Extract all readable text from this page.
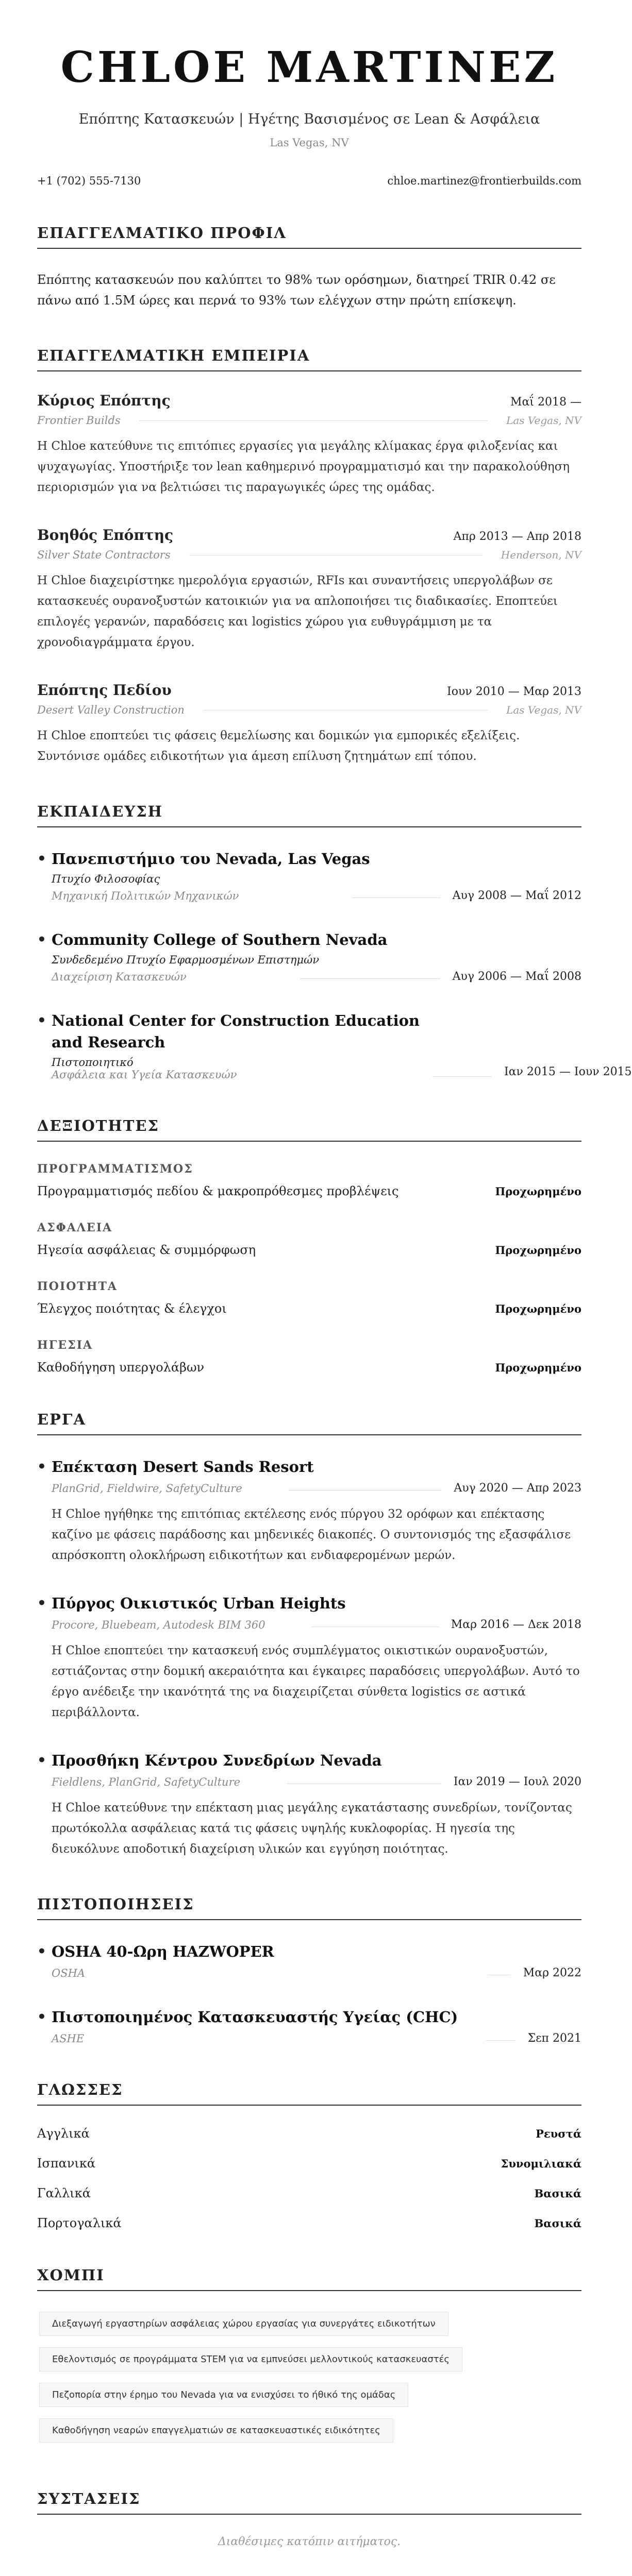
CHLOE MARTINEZ
Επόπτης Κατασκευών | Ηγέτης Βασισμένος σε Lean & Ασφάλεια
Las Vegas, NV
+1 (702) 555-7130	chloe.martinez@frontierbuilds.com
ΕΠΑΓΓΕΛΜΑΤΙΚΟ ΠΡΟΦΙΛ
Επόπτης κατασκευών που καλύπτει το 98% των ορόσημων, διατηρεί TRIR 0.42 σε πάνω από 1.5M ώρες και περνά το 93% των ελέγχων στην πρώτη επίσκεψη.
ΕΠΑΓΓΕΛΜΑΤΙΚΗ ΕΜΠΕΙΡΙΑ
Κύριος Επόπτης	Μαΐ 2018 —
Frontier Builds	Las Vegas, NV
Η Chloe κατεύθυνε τις επιτόπιες εργασίες για μεγάλης κλίμακας έργα φιλοξενίας και ψυχαγωγίας. Υποστήριξε τον lean καθημερινό προγραμματισμό και την παρακολούθηση περιορισμών για να βελτιώσει τις παραγωγικές ώρες της ομάδας.
Βοηθός Επόπτης	Απρ 2013 — Απρ 2018
Silver State Contractors	Henderson, NV
Η Chloe διαχειρίστηκε ημερολόγια εργασιών, RFIs και συναντήσεις υπεργολάβων σε κατασκευές ουρανοξυστών κατοικιών για να απλοποιήσει τις διαδικασίες. Εποπτεύει επιλογές γερανών, παραδόσεις και logistics χώρου για ευθυγράμμιση με τα χρονοδιαγράμματα έργου.
Επόπτης Πεδίου	Ιουν 2010 — Μαρ 2013
Desert Valley Construction	Las Vegas, NV
Η Chloe εποπτεύει τις φάσεις θεμελίωσης και δομικών για εμπορικές εξελίξεις. Συντόνισε ομάδες ειδικοτήτων για άμεση επίλυση ζητημάτων επί τόπου.
ΕΚΠΑΙΔΕΥΣΗ
• Πανεπιστήμιο του Nevada, Las Vegas
Πτυχίο Φιλοσοφίας
Μηχανική Πολιτικών Μηχανικών	Αυγ 2008 — Μαΐ 2012
• Community College of Southern Nevada
Συνδεδεμένο Πτυχίο Εφαρμοσμένων Επιστημών
Διαχείριση Κατασκευών	Αυγ 2006 — Μαΐ 2008
• National Center for Construction Education and Research
Πιστοποιητικό
Ασφάλεια και Υγεία Κατασκευών	Ιαν 2015 — Ιουν 2015
ΔΕΞΙΟΤΗΤΕΣ
ΠΡΟΓΡΑΜΜΑΤΙΣΜΟΣ
Προγραμματισμός πεδίου & μακροπρόθεσμες προβλέψεις	Προχωρημένο
ΑΣΦΑΛΕΙΑ
Ηγεσία ασφάλειας & συμμόρφωση	Προχωρημένο
ΠΟΙΟΤΗΤΑ
Έλεγχος ποιότητας & έλεγχοι	Προχωρημένο
ΗΓΕΣΙΑ
Καθοδήγηση υπεργολάβων	Προχωρημένο
ΕΡΓΑ
• Επέκταση Desert Sands Resort
PlanGrid, Fieldwire, SafetyCulture	Αυγ 2020 — Απρ 2023
Η Chloe ηγήθηκε της επιτόπιας εκτέλεσης ενός πύργου 32 ορόφων και επέκτασης καζίνο με φάσεις παράδοσης και μηδενικές διακοπές. Ο συντονισμός της εξασφάλισε απρόσκοπτη ολοκλήρωση ειδικοτήτων και ενδιαφερομένων μερών.
• Πύργος Οικιστικός Urban Heights
Procore, Bluebeam, Autodesk BIM 360	Μαρ 2016 — Δεκ 2018
Η Chloe εποπτεύει την κατασκευή ενός συμπλέγματος οικιστικών ουρανοξυστών, εστιάζοντας στην δομική ακεραιότητα και έγκαιρες παραδόσεις υπεργολάβων. Αυτό το έργο ανέδειξε την ικανότητά της να διαχειρίζεται σύνθετα logistics σε αστικά περιβάλλοντα.
• Προσθήκη Κέντρου Συνεδρίων Nevada
Fieldlens, PlanGrid, SafetyCulture	Ιαν 2019 — Ιουλ 2020
Η Chloe κατεύθυνε την επέκταση μιας μεγάλης εγκατάστασης συνεδρίων, τονίζοντας πρωτόκολλα ασφάλειας κατά τις φάσεις υψηλής κυκλοφορίας. Η ηγεσία της διευκόλυνε αποδοτική διαχείριση υλικών και εγγύηση ποιότητας.
ΠΙΣΤΟΠΟΙΗΣΕΙΣ
• OSHA 40-Ωρη HAZWOPER
OSHA	Μαρ 2022
• Πιστοποιημένος Κατασκευαστής Υγείας (CHC)
ASHE	Σεπ 2021
ΓΛΩΣΣΕΣ
Αγγλικά	Ρευστά
Ισπανικά	Συνομιλιακά
Γαλλικά	Βασικά
Πορτογαλικά	Βασικά
ΧΟΜΠΙ
Διεξαγωγή εργαστηρίων ασφάλειας χώρου εργασίας για συνεργάτες ειδικοτήτων
Εθελοντισμός σε προγράμματα STEM για να εμπνεύσει μελλοντικούς κατασκευαστές
Πεζοπορία στην έρημο του Nevada για να ενισχύσει το ήθικό της ομάδας
Καθοδήγηση νεαρών επαγγελματιών σε κατασκευαστικές ειδικότητες
ΣΥΣΤΑΣΕΙΣ
Διαθέσιμες κατόπιν αιτήματος.
